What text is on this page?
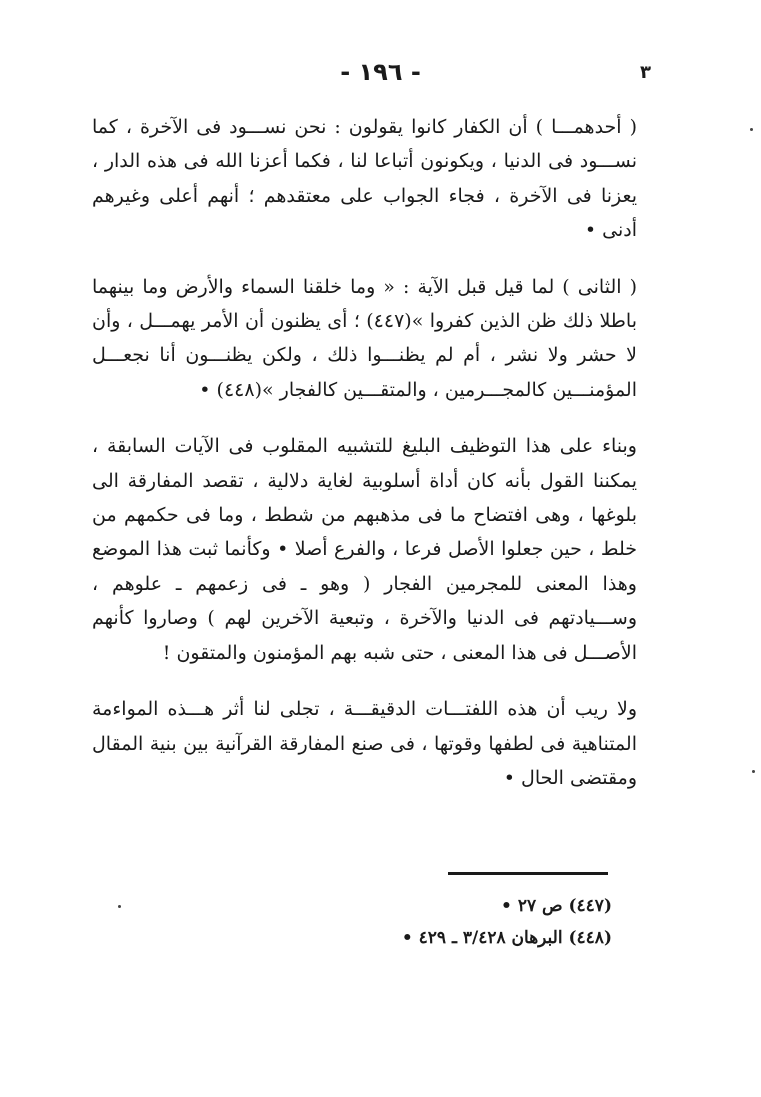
٣
- ١٩٦ -

( أحدهمـــا ) أن الكفار كانوا يقولون : نحن نســـود فى الآخرة ، كما نســـود فى الدنيا ، ويكونون أتباعا لنا ، فكما أعزنا الله فى هذه الدار ، يعزنا فى الآخرة ، فجاء الجواب على معتقدهم ؛ أنهم أعلى وغيرهم أدنى •

( الثانى ) لما قيل قبل الآية : « وما خلقنا السماء والأرض وما بينهما باطلا ذلك ظن الذين كفروا »(٤٤٧) ؛ أى يظنون أن الأمر يهمـــل ، وأن لا حشر ولا نشر ، أم لم يظنـــوا ذلك ، ولكن يظنـــون أنا نجعـــل المؤمنـــين كالمجـــرمين ، والمتقـــين كالفجار »(٤٤٨) •

وبناء على هذا التوظيف البليغ للتشبيه المقلوب فى الآيات السابقة ، يمكننا القول بأنه كان أداة أسلوبية لغاية دلالية ، تقصد المفارقة الى بلوغها ، وهى افتضاح ما فى مذهبهم من شطط ، وما فى حكمهم من خلط ، حين جعلوا الأصل فرعا ، والفرع أصلا • وكأنما ثبت هذا الموضع وهذا المعنى للمجرمين الفجار ( وهو ـ فى زعمهم ـ علوهم ، وســـيادتهم فى الدنيا والآخرة ، وتبعية الآخرين لهم ) وصاروا كأنهم الأصـــل فى هذا المعنى ، حتى شبه بهم المؤمنون والمتقون !

ولا ريب أن هذه اللفتـــات الدقيقـــة ، تجلى لنا أثر هـــذه المواءمة المتناهية فى لطفها وقوتها ، فى صنع المفارقة القرآنية بين بنية المقال ومقتضى الحال •

(٤٤٧) ص ٢٧ •
(٤٤٨) البرهان ٣/٤٢٨ ـ ٤٢٩ •
